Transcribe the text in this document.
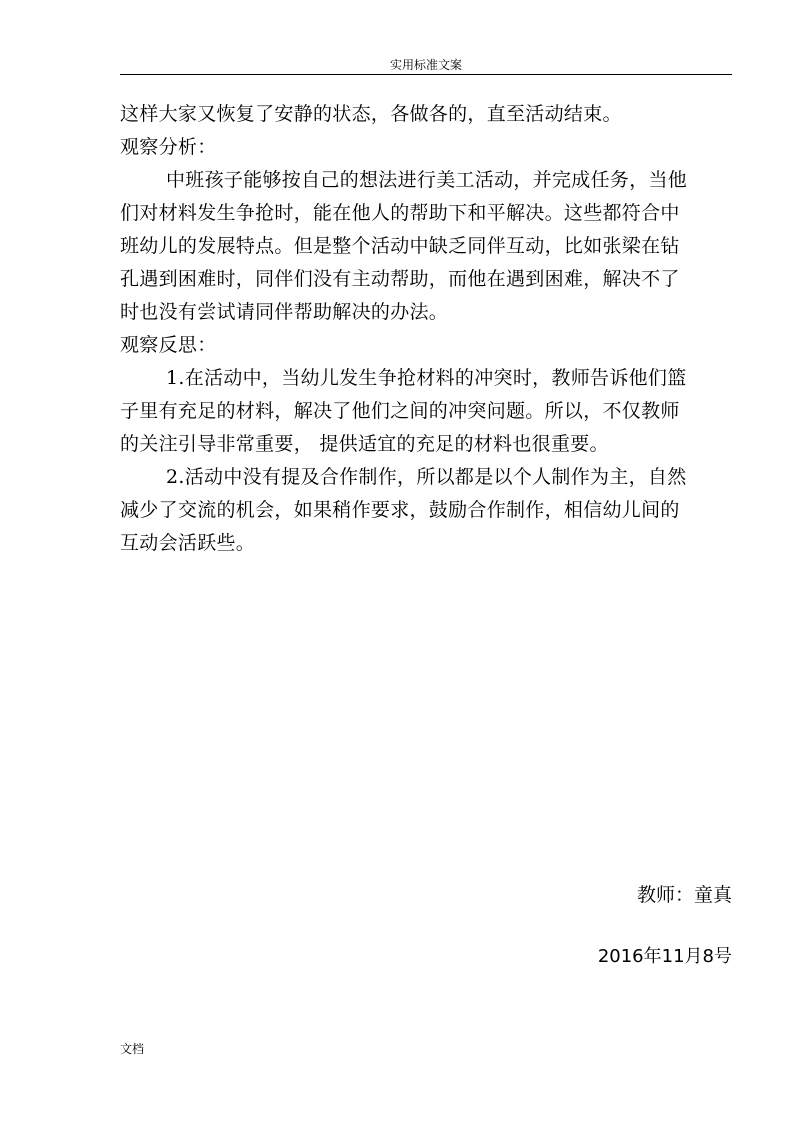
实用标准文案
这样大家又恢复了安静的状态，各做各的，直至活动结束。
观察分析：
中班孩子能够按自己的想法进行美工活动，并完成任务，当他
们对材料发生争抢时，能在他人的帮助下和平解决。这些都符合中
班幼儿的发展特点。但是整个活动中缺乏同伴互动，比如张梁在钻
孔遇到困难时，同伴们没有主动帮助，而他在遇到困难，解决不了
时也没有尝试请同伴帮助解决的办法。
观察反思：
1.在活动中，当幼儿发生争抢材料的冲突时，教师告诉他们篮
子里有充足的材料，解决了他们之间的冲突问题。所以，不仅教师
的关注引导非常重要， 提供适宜的充足的材料也很重要。
2.活动中没有提及合作制作，所以都是以个人制作为主，自然
减少了交流的机会，如果稍作要求，鼓励合作制作，相信幼儿间的
互动会活跃些。
教师：童真
2016年11月8号
文档
